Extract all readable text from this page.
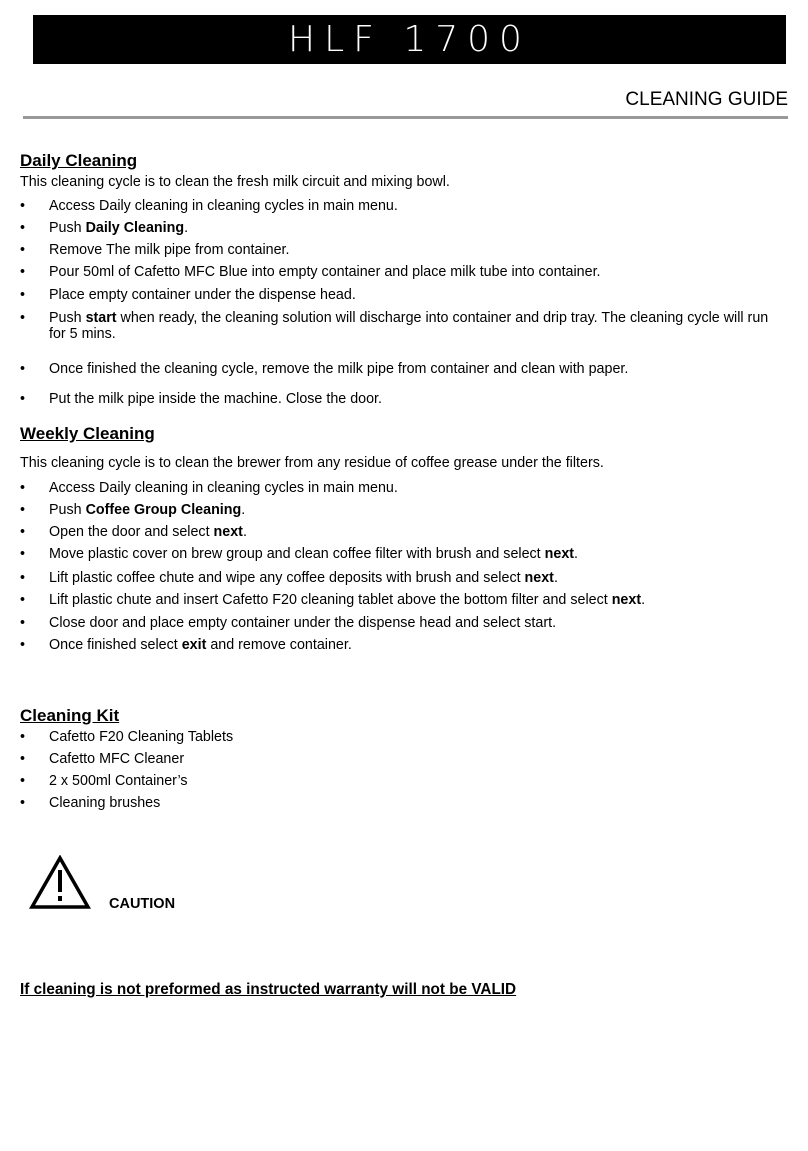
HLF 1700
CLEANING GUIDE
Daily Cleaning
This cleaning cycle is to clean the fresh milk circuit and mixing bowl.
• Access Daily cleaning in cleaning cycles in main menu.
• Push Daily Cleaning.
• Remove The milk pipe from container.
• Pour 50ml of Cafetto MFC Blue into empty container and place milk tube into container.
• Place empty container under the dispense head.
• Push start when ready, the cleaning solution will discharge into container and drip tray. The cleaning cycle will run for 5 mins.
• Once finished the cleaning cycle, remove the milk pipe from container and clean with paper.
• Put the milk pipe inside the machine. Close the door.
Weekly Cleaning
This cleaning cycle is to clean the brewer from any residue of coffee grease under the filters.
• Access Daily cleaning in cleaning cycles in main menu.
• Push Coffee Group Cleaning.
• Open the door and select next.
• Move plastic cover on brew group and clean coffee filter with brush and select next.
• Lift plastic coffee chute and wipe any coffee deposits with brush and select next.
• Lift plastic chute and insert Cafetto F20 cleaning tablet above the bottom filter and select next.
• Close door and place empty container under the dispense head and select start.
• Once finished select exit and remove container.
Cleaning Kit
• Cafetto F20 Cleaning Tablets
• Cafetto MFC Cleaner
• 2 x 500ml Container’s
• Cleaning brushes
CAUTION
If cleaning is not preformed as instructed warranty will not be VALID
